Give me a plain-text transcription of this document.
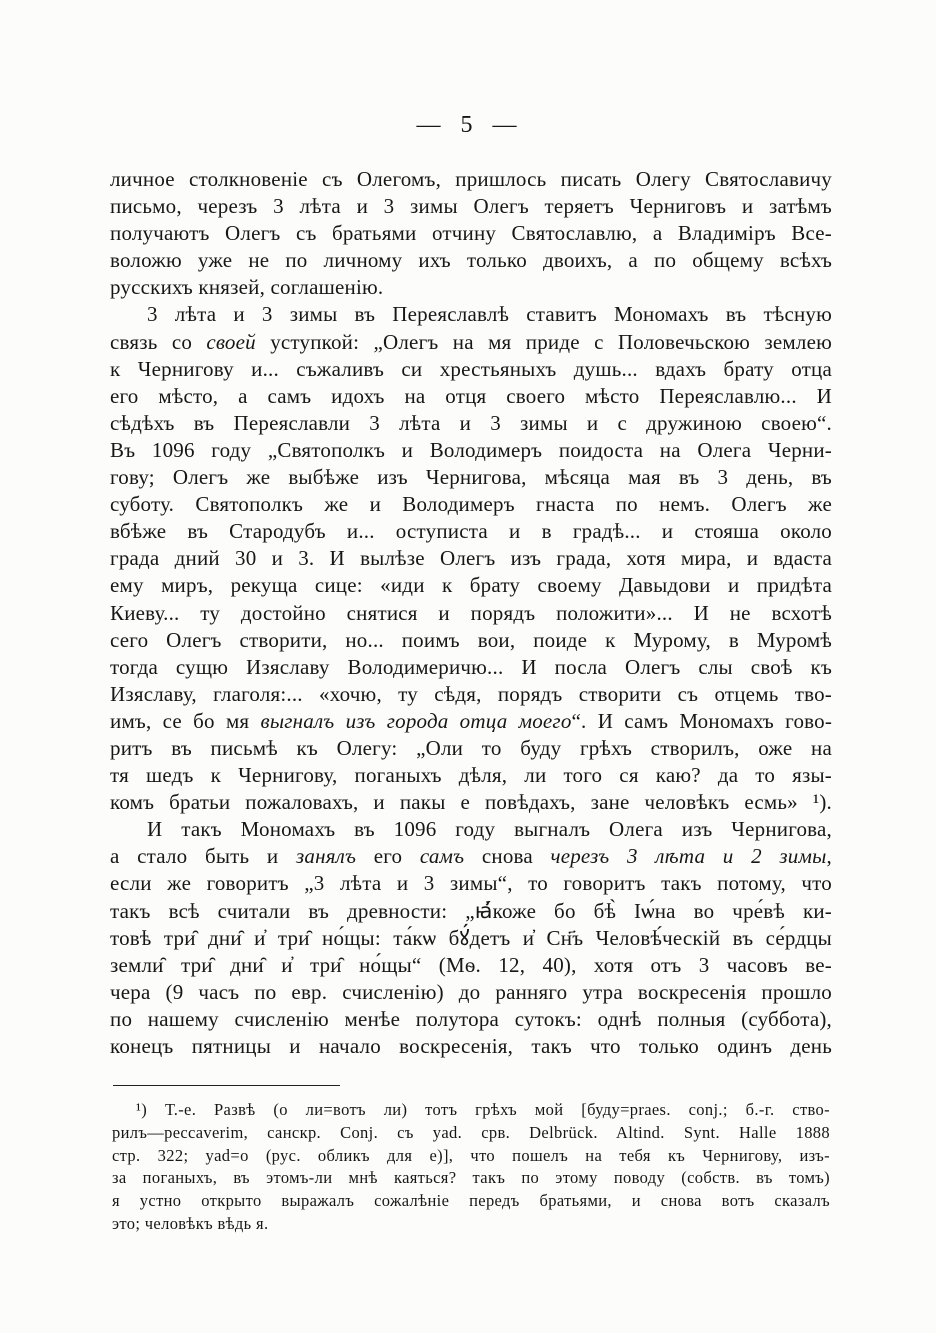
— 5 —
личное столкновеніе съ Олегомъ, пришлось писать Олегу Святославичу
письмо, черезъ 3 лѣта и 3 зимы Олегъ теряетъ Черниговъ и затѣмъ
получаютъ Олегъ съ братьями отчину Святославлю, а Владиміръ Все-
воложю уже не по личному ихъ только двоихъ, а по общему всѣхъ
русскихъ князей, соглашенію.
3 лѣта и 3 зимы въ Переяславлѣ ставитъ Мономахъ въ тѣсную
связь со своей уступкой: „Олегъ на мя приде с Половечьскою землею
к Чернигову и... съжаливъ си хрестьяныхъ душь... вдахъ брату отца
его мѣсто, а самъ идохъ на отця своего мѣсто Переяславлю... И
сѣдѣхъ въ Переяславли 3 лѣта и 3 зимы и с дружиною своею“.
Въ 1096 году „Святополкъ и Володимеръ поидоста на Олега Черни-
гову; Олегъ же выбѣже изъ Чернигова, мѣсяца мая въ 3 день, въ
суботу. Святополкъ же и Володимеръ гнаста по немъ. Олегъ же
вбѣже въ Стародубъ и... оступиста и в градѣ... и стояша около
града дний 30 и 3. И вылѣзе Олегъ изъ града, хотя мира, и вдаста
ему миръ, рекуща сице: «иди к брату своему Давыдови и придѣта
Киеву... ту достойно снятися и порядъ положити»... И не всхотѣ
сего Олегъ створити, но... поимъ вои, поиде к Мурому, в Муромѣ
тогда сущю Изяславу Володимеричю... И посла Олегъ слы своѣ къ
Изяславу, глаголя:... «хочю, ту сѣдя, порядъ створити съ отцемь тво-
имъ, се бо мя выгналъ изъ города отца моего“. И самъ Мономахъ гово-
ритъ въ письмѣ къ Олегу: „Оли то буду грѣхъ створилъ, оже на
тя шедъ к Чернигову, поганыхъ дѣля, ли того ся каю? да то язы-
комъ братьи пожаловахъ, и пакы е повѣдахъ, зане человѣкъ есмь» ¹).
И такъ Мономахъ въ 1096 году выгналъ Олега изъ Чернигова,
а стало быть и занялъ его самъ снова черезъ 3 лѣта и 2 зимы,
если же говоритъ „3 лѣта и 3 зимы“, то говоритъ такъ потому, что
такъ всѣ считали въ древности: „ꙗ҆́коже бо бѣ̀ Іѡ́на во чре́вѣ ки-
товѣ три̑ дни̑ и҆ три̑ но́щы: та́кѡ бꙋ́детъ и҆ Сн҃ъ Человѣ́ческій въ се́рдцы
земли̑ три̑ дни̑ и҆ три̑ но́щы“ (Мѳ. 12, 40), хотя отъ 3 часовъ ве-
чера (9 часъ по евр. счисленію) до ранняго утра воскресенія прошло
по нашему счисленію менѣе полутора сутокъ: однѣ полныя (суббота),
конецъ пятницы и начало воскресенія, такъ что только одинъ день
¹) Т.-е. Развѣ (о ли=вотъ ли) тотъ грѣхъ мой [буду=praes. conj.; б.-г. ство-
рилъ—peccaverim, санскр. Conj. съ yad. срв. Delbrück. Altind. Synt. Halle 1888
стр. 322; yad=o (рус. обликъ для e)], что пошелъ на тебя къ Чернигову, изъ-
за поганыхъ, въ этомъ-ли мнѣ каяться? такъ по этому поводу (собств. въ томъ)
я устно открыто выражалъ сожалѣніе передъ братьями, и снова вотъ сказалъ
это; человѣкъ вѣдь я.
